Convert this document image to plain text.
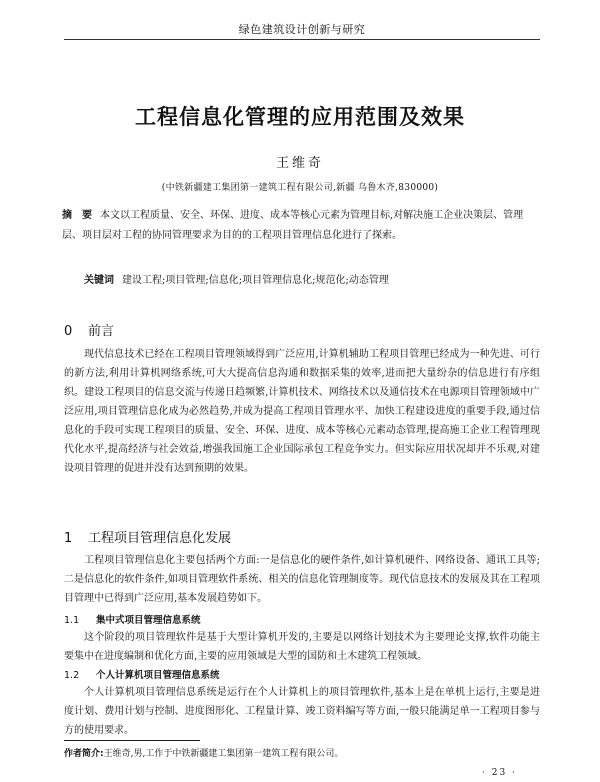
绿色建筑设计创新与研究
工程信息化管理的应用范围及效果
王维奇
(中铁新疆建工集团第一建筑工程有限公司,新疆 乌鲁木齐,830000)
摘　要 本文以工程质量、安全、环保、进度、成本等核心元素为管理目标,对解决施工企业决策层、管理层、项目层对工程的协同管理要求为目的的工程项目管理信息化进行了探索。
关键词 建设工程;项目管理;信息化;项目管理信息化;规范化;动态管理
0 前言
现代信息技术已经在工程项目管理领域得到广泛应用,计算机辅助工程项目管理已经成为一种先进、可行的新方法,利用计算机网络系统,可大大提高信息沟通和数据采集的效率,进而把大量纷杂的信息进行有序组织。建设工程项目的信息交流与传递日趋频繁,计算机技术、网络技术以及通信技术在电源项目管理领域中广泛应用,项目管理信息化成为必然趋势,并成为提高工程项目管理水平、加快工程建设进度的重要手段,通过信息化的手段可实现工程项目的质量、安全、环保、进度、成本等核心元素动态管理,提高施工企业工程管理现代化水平,提高经济与社会效益,增强我国施工企业国际承包工程竞争实力。但实际应用状况却并不乐观,对建设项目管理的促进并没有达到预期的效果。
1 工程项目管理信息化发展
工程项目管理信息化主要包括两个方面:一是信息化的硬件条件,如计算机硬件、网络设备、通讯工具等;二是信息化的软件条件,如项目管理软件系统、相关的信息化管理制度等。现代信息技术的发展及其在工程项目管理中已得到广泛应用,基本发展趋势如下。
1.1 集中式项目管理信息系统
这个阶段的项目管理软件是基于大型计算机开发的,主要是以网络计划技术为主要理论支撑,软件功能主要集中在进度编制和优化方面,主要的应用领域是大型的国防和土木建筑工程领域。
1.2 个人计算机项目管理信息系统
个人计算机项目管理信息系统是运行在个人计算机上的项目管理软件,基本上是在单机上运行,主要是进度计划、费用计划与控制、进度图形化、工程量计算、竣工资料编写等方面,一般只能满足单一工程项目参与方的使用要求。
作者简介:王维奇,男,工作于中铁新疆建工集团第一建筑工程有限公司。
· 23 ·
